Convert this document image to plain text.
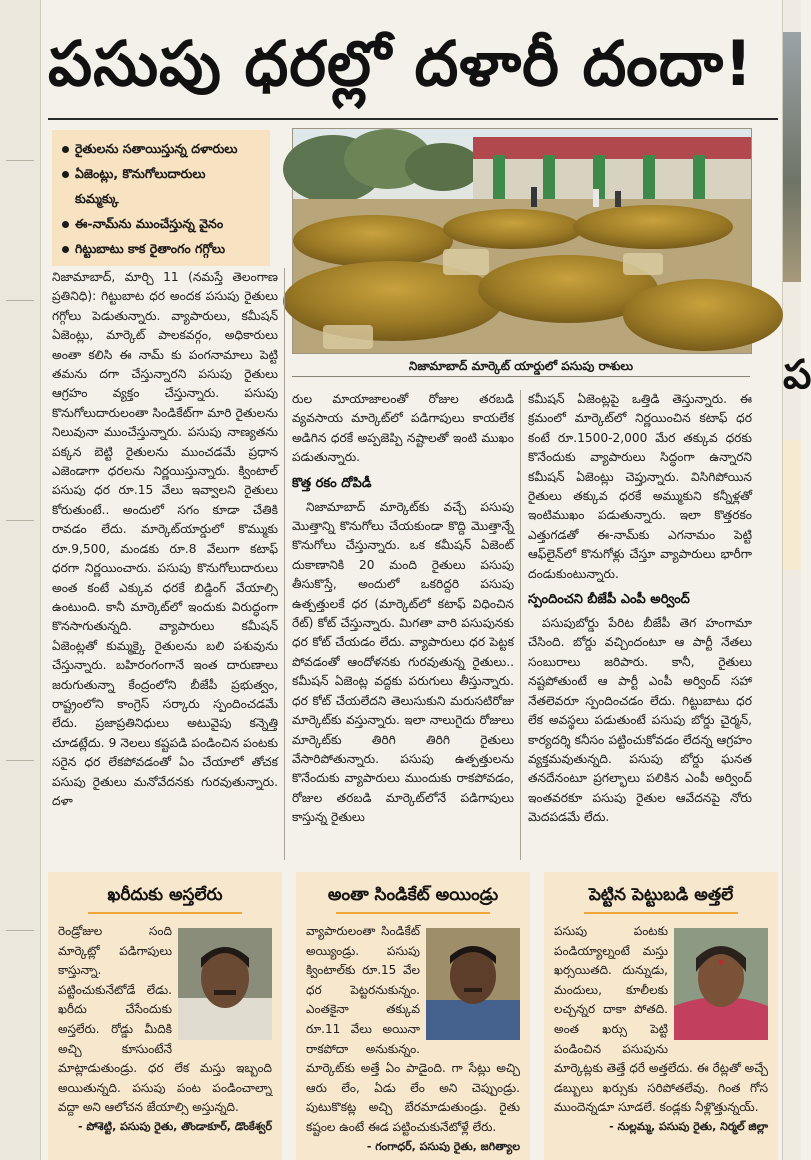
ప
పసుపు ధరల్లో దళారీ దందా!
రైతులను సతాయిస్తున్న దళారులు
ఏజెంట్లు, కొనుగోలుదారులు
కుమ్మక్కు
ఈ-నామ్‌ను ముంచేస్తున్న వైనం
గిట్టుబాటు కాక రైతాంగం గగ్గోలు
నిజామాబాద్ మార్కెట్ యార్డులో పసుపు రాశులు

నిజామాబాద్, మార్చి 11 (నమస్తే తెలంగాణ ప్రతినిధి): గిట్టుబాట ధర అందక పసుపు రైతులు గగ్గోలు పెడుతున్నారు. వ్యాపారులు, కమీషన్ ఏజెంట్లు, మార్కెట్ పాలకవర్గం, అధికారులు అంతా కలిసి ఈ నామ్ కు పంగనామాలు పెట్టి తమను దగా చేస్తున్నారని పసుపు రైతులు ఆగ్రహం వ్యక్తం చేస్తున్నారు. పసుపు కొనుగోలుదారులంతా సిండికేట్‌గా మారి రైతులను నిలువునా ముంచేస్తున్నారు. పసుపు నాణ్యతను పక్కన బెట్టి రైతులను ముంచడమే ప్రధాన ఎజెండాగా ధరలను నిర్ణయిస్తున్నారు. క్వింటాల్ పసుపు ధర రూ.15 వేలు ఇవ్వాలని రైతులు కోరుతుంటే.. అందులో సగం కూడా చేతికి రావడం లేదు. మార్కెట్‌యార్డులో కొమ్ముకు రూ.9,500, మండకు రూ.8 వేలుగా కటాఫ్ ధరగా నిర్ణయించారు. పసుపు కొనుగోలుదారులు అంత కంటే ఎక్కువ ధరకే బిడ్డింగ్ వేయాల్సి ఉంటుంది. కానీ మార్కెట్‌లో ఇందుకు విరుద్ధంగా కొనసాగుతున్నది. వ్యాపారులు కమీషన్ ఏజెంట్లతో కుమ్మక్కై రైతులను బలి పశువును చేస్తున్నారు. బహిరంగంగానే ఇంత దారుణాలు జరుగుతున్నా కేంద్రంలోని బీజేపీ ప్రభుత్వం, రాష్ట్రంలోని కాంగ్రెస్ సర్కారు స్పందించడమే లేదు. ప్రజాప్రతినిధులు అటువైపు కన్నెత్తి చూడట్లేదు. 9 నెలలు కష్టపడి పండించిన పంటకు సరైన ధర లేకపోవడంతో ఏం చేయాలో తోచక పసుపు రైతులు మనోవేదనకు గురవుతున్నారు. దళా

రుల మాయాజాలంతో రోజుల తరబడి వ్యవసాయ మార్కెట్‌లో పడిగాపులు కాయలేక అడిగిన ధరకే అప్పజెప్పి నష్టాలతో ఇంటి ముఖం పడుతున్నారు.

కొత్త రకం దోపిడీ

నిజామాబాద్ మార్కెట్‌కు వచ్చే పసుపు మొత్తాన్ని కొనుగోలు చేయకుండా కొద్ది మొత్తాన్నే కొనుగోలు చేస్తున్నారు. ఒక కమీషన్ ఏజెంట్ దుకాణానికి 20 మంది రైతులు పసుపు తీసుకొస్తే, అందులో ఒకరిద్దరి పసుపు ఉత్పత్తులకే ధర (మార్కెట్‌లో కటాఫ్ విధించిన రేట్) కోట్ చేస్తున్నారు. మిగతా వారి పసుపునకు ధర కోట్ చేయడం లేదు. వ్యాపారులు ధర పెట్టక పోవడంతో ఆందోళనకు గురవుతున్న రైతులు.. కమీషన్ ఏజెంట్ల వద్దకు పరుగులు తీస్తున్నారు. ధర కోట్ చేయలేదని తెలుసుకుని మరుసటిరోజు మార్కెట్‌కు వస్తున్నారు. ఇలా నాలుగైదు రోజులు మార్కెట్‌కు తిరిగి తిరిగి రైతులు వేసారిపోతున్నారు. పసుపు ఉత్పత్తులను కొనేందుకు వ్యాపారులు ముందుకు రాకపోవడం, రోజుల తరబడి మార్కెట్‌లోనే పడిగాపులు కాస్తున్న రైతులు

కమీషన్ ఏజెంట్లపై ఒత్తిడి తెస్తున్నారు. ఈ క్రమంలో మార్కెట్‌లో నిర్ణయించిన కటాఫ్ ధర కంటే రూ.1500-2,000 మేర తక్కువ ధరకు కొనేందుకు వ్యాపారులు సిద్ధంగా ఉన్నారని కమీషన్ ఏజెంట్లు చెప్తున్నారు. విసిగిపోయిన రైతులు తక్కువ ధరకే అమ్ముకుని కన్నీళ్లతో ఇంటిముఖం పడుతున్నారు. ఇలా కొత్తరకం ఎత్తుగడతో ఈ-నామ్‌కు ఎగనామం పెట్టి ఆఫ్‌లైన్‌లో కొనుగోళ్లు చేస్తూ వ్యాపారులు భారీగా దండుకుంటున్నారు.

స్పందించని బీజేపీ ఎంపీ అర్వింద్

పసుపుబోర్డు పేరిట బీజేపీ తెగ హంగామా చేసింది. బోర్డు వచ్చిందంటూ ఆ పార్టీ నేతలు సంబురాలు జరిపారు. కానీ, రైతులు నష్టపోతుంటే ఆ పార్టీ ఎంపీ అర్వింద్ సహా నేతలెవరూ స్పందించడం లేదు. గిట్టుబాటు ధర లేక అవస్థలు పడుతుంటే పసుపు బోర్డు చైర్మన్, కార్యదర్శి కనీసం పట్టించుకోవడం లేదన్న ఆగ్రహం వ్యక్తమవుతున్నది. పసుపు బోర్డు ఘనత తనదేనంటూ ప్రగల్భాలు పలికిన ఎంపీ అర్వింద్ ఇంతవరకూ పసుపు రైతుల ఆవేదనపై నోరు మెదపడమే లేదు.

ఖరీదుకు అస్తలేరు
రెండ్రోజుల సంది మార్కెట్లో పడిగాపులు కాస్తున్నా. పట్టించుకునేటోడే లేడు. ఖరీదు చేసేందుకు అస్తలేరు. రోడ్డు మీదికి అచ్చి కూసుంటేనే మాట్లాడుతుండ్రు. ధర లేక మస్తు ఇబ్బంది అయితున్నది. పసుపు పంట పండించాల్నా వద్దా అని ఆలోచన జేయాల్సి అస్తున్నది.
- పోశెట్టి, పసుపు రైతు, తొండాకూర్, డొంకేశ్వర్
అంతా సిండికేట్ అయిండ్రు
వ్యాపారులంతా సిండికేట్ అయ్యిండ్రు. పసుపు క్వింటాల్‌కు రూ.15 వేల ధర పెట్టరనుకున్నం. ఎంతకైనా తక్కువ రూ.11 వేలు అయినా రాకపోదా అనుకున్నం. మార్కెట్‌కు అత్తే ఏం పాడైంది. గా సేట్లు అచ్చి ఆరు లేం, ఏడు లేం అని చెప్పుండ్రు. పుటుకొకట్ల అచ్చి బేరమాడుతుండ్రు. రైతు కష్టంల ఉంటే ఈడ పట్టించుకునేటోళ్లే లేరు.
- గంగాధర్, పసుపు రైతు, జగిత్యాల
పెట్టిన పెట్టుబడి అత్తలే
పసుపు పంటకు పండియ్యాల్నంటే మస్తు ఖర్సయితది. దున్నుడు, మందులు, కూలీలకు లచ్చన్నర దాకా పోతది. అంత ఖర్సు పెట్టి పండించిన పసుపును మార్కెట్లకు తెత్తే ధరే అత్తలేదు. ఈ రేట్లతో అచ్చే డబ్బులు ఖర్సుకు సరిపోతలేవు. గింత గోస ముందెన్నడూ సూడలే. కండ్లకు నీళ్లొత్తున్నయ్.
- నుల్లమ్మ, పసుపు రైతు, నిర్మల్ జిల్లా
